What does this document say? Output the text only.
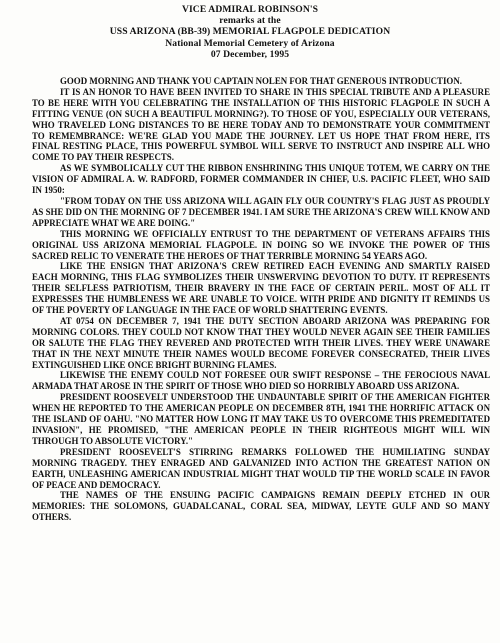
VICE ADMIRAL ROBINSON'S
remarks at the
USS ARIZONA (BB-39) MEMORIAL FLAGPOLE DEDICATION
National Memorial Cemetery of Arizona
07 December, 1995

GOOD MORNING AND THANK YOU CAPTAIN NOLEN FOR THAT GENEROUS INTRODUCTION.

IT IS AN HONOR TO HAVE BEEN INVITED TO SHARE IN THIS SPECIAL TRIBUTE AND A PLEASURE TO BE HERE WITH YOU CELEBRATING THE INSTALLATION OF THIS HISTORIC FLAGPOLE IN SUCH A FITTING VENUE (ON SUCH A BEAUTIFUL MORNING?). TO THOSE OF YOU, ESPECIALLY OUR VETERANS, WHO TRAVELED LONG DISTANCES TO BE HERE TODAY AND TO DEMONSTRATE YOUR COMMITMENT TO REMEMBRANCE: WE'RE GLAD YOU MADE THE JOURNEY. LET US HOPE THAT FROM HERE, ITS FINAL RESTING PLACE, THIS POWERFUL SYMBOL WILL SERVE TO INSTRUCT AND INSPIRE ALL WHO COME TO PAY THEIR RESPECTS.

AS WE SYMBOLICALLY CUT THE RIBBON ENSHRINING THIS UNIQUE TOTEM, WE CARRY ON THE VISION OF ADMIRAL A. W. RADFORD, FORMER COMMANDER IN CHIEF, U.S. PACIFIC FLEET, WHO SAID IN 1950:

"FROM TODAY ON THE USS ARIZONA WILL AGAIN FLY OUR COUNTRY'S FLAG JUST AS PROUDLY AS SHE DID ON THE MORNING OF 7 DECEMBER 1941. I AM SURE THE ARIZONA'S CREW WILL KNOW AND APPRECIATE WHAT WE ARE DOING."

THIS MORNING WE OFFICIALLY ENTRUST TO THE DEPARTMENT OF VETERANS AFFAIRS THIS ORIGINAL USS ARIZONA MEMORIAL FLAGPOLE. IN DOING SO WE INVOKE THE POWER OF THIS SACRED RELIC TO VENERATE THE HEROES OF THAT TERRIBLE MORNING 54 YEARS AGO.

LIKE THE ENSIGN THAT ARIZONA'S CREW RETIRED EACH EVENING AND SMARTLY RAISED EACH MORNING, THIS FLAG SYMBOLIZES THEIR UNSWERVING DEVOTION TO DUTY. IT REPRESENTS THEIR SELFLESS PATRIOTISM, THEIR BRAVERY IN THE FACE OF CERTAIN PERIL. MOST OF ALL IT EXPRESSES THE HUMBLENESS WE ARE UNABLE TO VOICE. WITH PRIDE AND DIGNITY IT REMINDS US OF THE POVERTY OF LANGUAGE IN THE FACE OF WORLD SHATTERING EVENTS.

AT 0754 ON DECEMBER 7, 1941 THE DUTY SECTION ABOARD ARIZONA WAS PREPARING FOR MORNING COLORS. THEY COULD NOT KNOW THAT THEY WOULD NEVER AGAIN SEE THEIR FAMILIES OR SALUTE THE FLAG THEY REVERED AND PROTECTED WITH THEIR LIVES. THEY WERE UNAWARE THAT IN THE NEXT MINUTE THEIR NAMES WOULD BECOME FOREVER CONSECRATED, THEIR LIVES EXTINGUISHED LIKE ONCE BRIGHT BURNING FLAMES.

LIKEWISE THE ENEMY COULD NOT FORESEE OUR SWIFT RESPONSE – THE FEROCIOUS NAVAL ARMADA THAT AROSE IN THE SPIRIT OF THOSE WHO DIED SO HORRIBLY ABOARD USS ARIZONA.

PRESIDENT ROOSEVELT UNDERSTOOD THE UNDAUNTABLE SPIRIT OF THE AMERICAN FIGHTER WHEN HE REPORTED TO THE AMERICAN PEOPLE ON DECEMBER 8TH, 1941 THE HORRIFIC ATTACK ON THE ISLAND OF OAHU. "NO MATTER HOW LONG IT MAY TAKE US TO OVERCOME THIS PREMEDITATED INVASION", HE PROMISED, "THE AMERICAN PEOPLE IN THEIR RIGHTEOUS MIGHT WILL WIN THROUGH TO ABSOLUTE VICTORY."

PRESIDENT ROOSEVELT'S STIRRING REMARKS FOLLOWED THE HUMILIATING SUNDAY MORNING TRAGEDY. THEY ENRAGED AND GALVANIZED INTO ACTION THE GREATEST NATION ON EARTH, UNLEASHING AMERICAN INDUSTRIAL MIGHT THAT WOULD TIP THE WORLD SCALE IN FAVOR OF PEACE AND DEMOCRACY.

THE NAMES OF THE ENSUING PACIFIC CAMPAIGNS REMAIN DEEPLY ETCHED IN OUR MEMORIES: THE SOLOMONS, GUADALCANAL, CORAL SEA, MIDWAY, LEYTE GULF AND SO MANY OTHERS.
